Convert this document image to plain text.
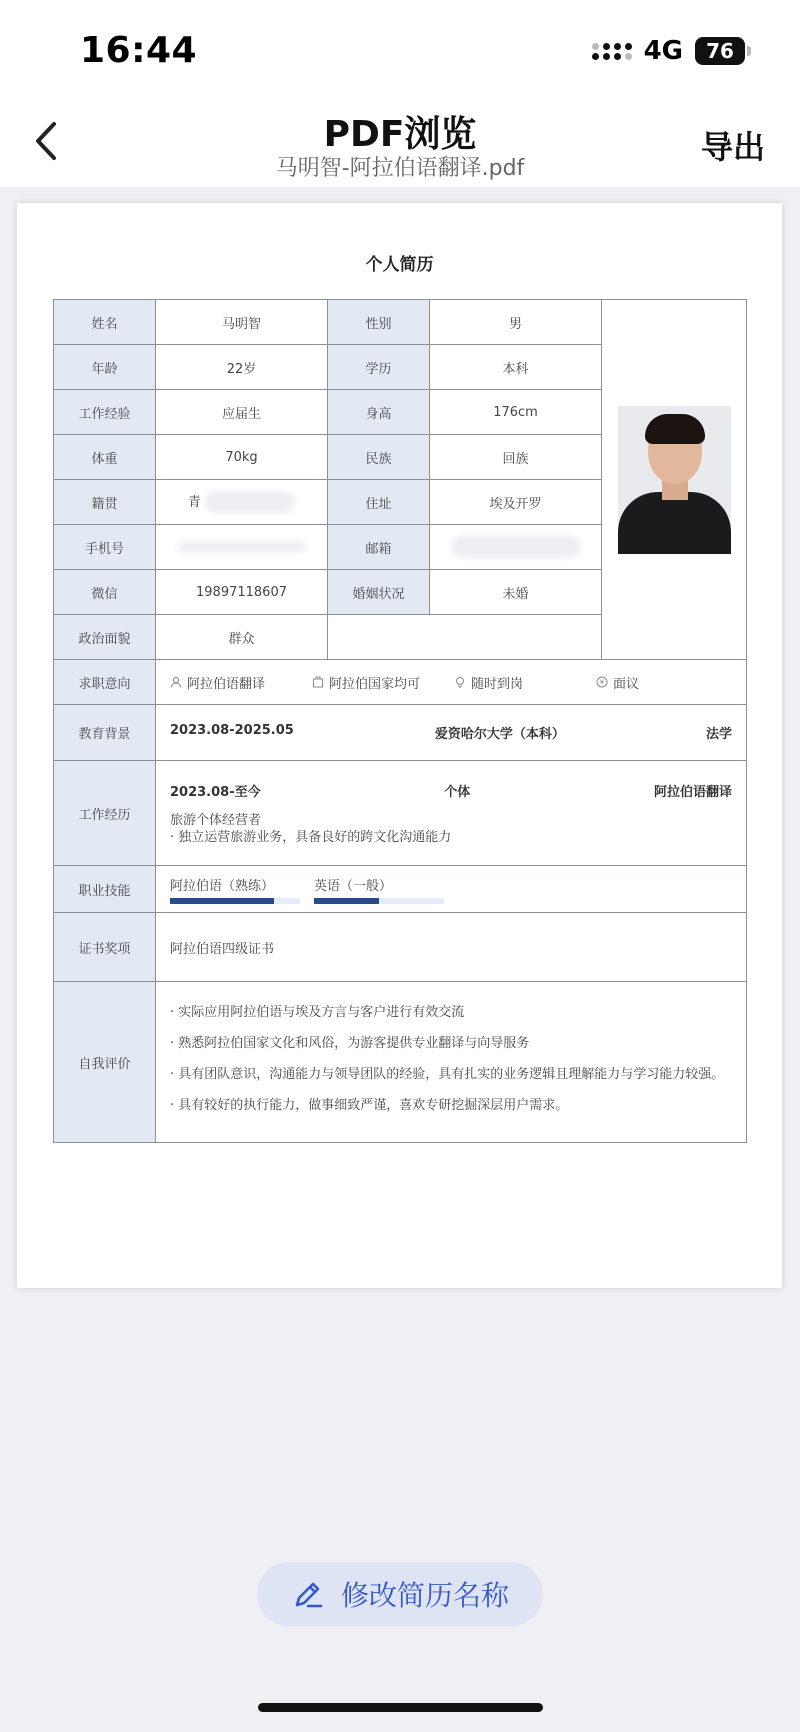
16:44	4G	76
PDF浏览
马明智-阿拉伯语翻译.pdf
导出
个人简历
姓名	马明智	性别	男	

年龄	22岁	学历	本科	
工作经验	应届生	身高	176cm	
体重	70kg	民族	回族	
籍贯	青	住址	埃及开罗	
手机号		邮箱		
微信	19897118607	婚姻状况	未婚	
政治面貌	群众			
求职意向	阿拉伯语翻译 阿拉伯国家均可 随时到岗 ¥ 面议			

教育背景	2023.08-2025.05 爱资哈尔大学（本科） 法学			

工作经历	2023.08-至今 个体 阿拉伯语翻译
旅游个体经营者
· 独立运营旅游业务，具备良好的跨文化沟通能力			

职业技能	阿拉伯语（熟练） 英语（一般）			

证书奖项	阿拉伯语四级证书			
自我评价	· 实际应用阿拉伯语与埃及方言与客户进行有效交流

· 熟悉阿拉伯国家文化和风俗，为游客提供专业翻译与向导服务

· 具有团队意识，沟通能力与领导团队的经验，具有扎实的业务逻辑且理解能力与学习能力较强。

· 具有较好的执行能力，做事细致严谨，喜欢专研挖掘深层用户需求。			

修改简历名称
